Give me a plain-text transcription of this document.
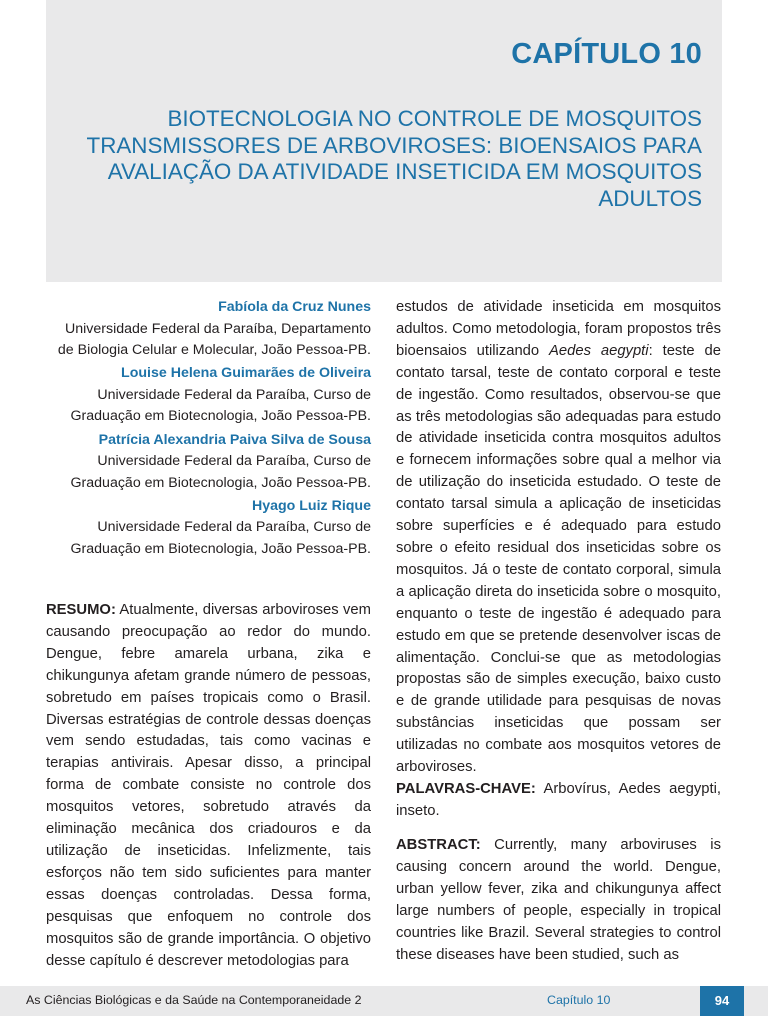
CAPÍTULO 10
BIOTECNOLOGIA NO CONTROLE DE MOSQUITOS TRANSMISSORES DE ARBOVIROSES: BIOENSAIOS PARA AVALIAÇÃO DA ATIVIDADE INSETICIDA EM MOSQUITOS ADULTOS
Fabíola da Cruz Nunes
Universidade Federal da Paraíba, Departamento de Biologia Celular e Molecular, João Pessoa-PB.
Louise Helena Guimarães de Oliveira
Universidade Federal da Paraíba, Curso de Graduação em Biotecnologia, João Pessoa-PB.
Patrícia Alexandria Paiva Silva de Sousa
Universidade Federal da Paraíba, Curso de Graduação em Biotecnologia, João Pessoa-PB.
Hyago Luiz Rique
Universidade Federal da Paraíba, Curso de Graduação em Biotecnologia, João Pessoa-PB.

RESUMO: Atualmente, diversas arboviroses vem causando preocupação ao redor do mundo. Dengue, febre amarela urbana, zika e chikungunya afetam grande número de pessoas, sobretudo em países tropicais como o Brasil. Diversas estratégias de controle dessas doenças vem sendo estudadas, tais como vacinas e terapias antivirais. Apesar disso, a principal forma de combate consiste no controle dos mosquitos vetores, sobretudo através da eliminação mecânica dos criadouros e da utilização de inseticidas. Infelizmente, tais esforços não tem sido suficientes para manter essas doenças controladas. Dessa forma, pesquisas que enfoquem no controle dos mosquitos são de grande importância. O objetivo desse capítulo é descrever metodologias para

estudos de atividade inseticida em mosquitos adultos. Como metodologia, foram propostos três bioensaios utilizando Aedes aegypti: teste de contato tarsal, teste de contato corporal e teste de ingestão. Como resultados, observou-se que as três metodologias são adequadas para estudo de atividade inseticida contra mosquitos adultos e fornecem informações sobre qual a melhor via de utilização do inseticida estudado. O teste de contato tarsal simula a aplicação de inseticidas sobre superfícies e é adequado para estudo sobre o efeito residual dos inseticidas sobre os mosquitos. Já o teste de contato corporal, simula a aplicação direta do inseticida sobre o mosquito, enquanto o teste de ingestão é adequado para estudo em que se pretende desenvolver iscas de alimentação. Conclui-se que as metodologias propostas são de simples execução, baixo custo e de grande utilidade para pesquisas de novas substâncias inseticidas que possam ser utilizadas no combate aos mosquitos vetores de arboviroses.

PALAVRAS-CHAVE: Arbovírus, Aedes aegypti, inseto.

ABSTRACT: Currently, many arboviruses is causing concern around the world. Dengue, urban yellow fever, zika and chikungunya affect large numbers of people, especially in tropical countries like Brazil. Several strategies to control these diseases have been studied, such as

As Ciências Biológicas e da Saúde na Contemporaneidade 2	Capítulo 10	94
